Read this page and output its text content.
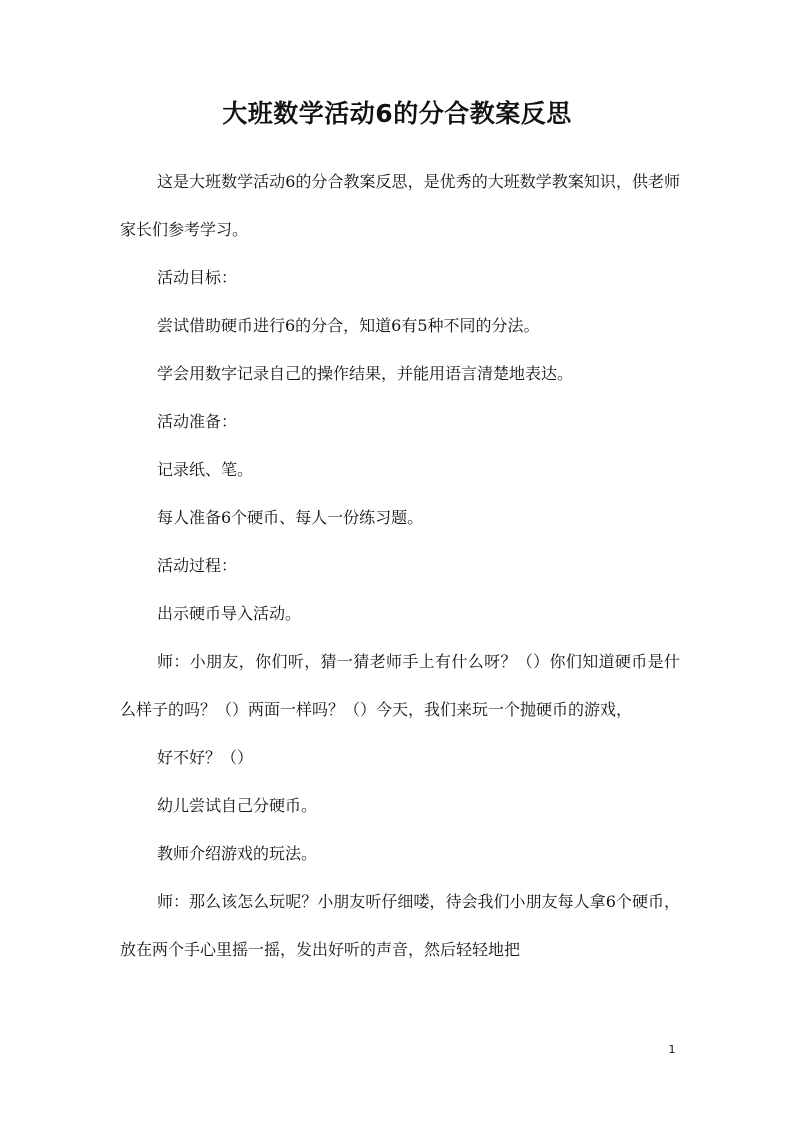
大班数学活动6的分合教案反思

这是大班数学活动6的分合教案反思，是优秀的大班数学教案知识，供老师家长们参考学习。

活动目标：

尝试借助硬币进行6的分合，知道6有5种不同的分法。

学会用数字记录自己的操作结果，并能用语言清楚地表达。

活动准备：

记录纸、笔。

每人准备6个硬币、每人一份练习题。

活动过程：

出示硬币导入活动。

师：小朋友，你们听，猜一猜老师手上有什么呀？（）你们知道硬币是什么样子的吗？（）两面一样吗？（）今天，我们来玩一个抛硬币的游戏，

好不好？（）

幼儿尝试自己分硬币。

教师介绍游戏的玩法。

师：那么该怎么玩呢？小朋友听仔细喽，待会我们小朋友每人拿6个硬币，放在两个手心里摇一摇，发出好听的声音，然后轻轻地把

1
